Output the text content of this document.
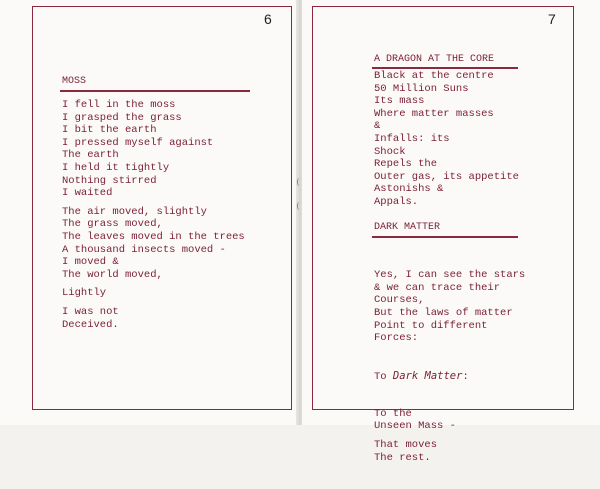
6
MOSS
I fell in the moss
I grasped the grass
I bit the earth
I pressed myself against
The earth
I held it tightly
Nothing stirred
I waited
The air moved, slightly
The grass moved,
The leaves moved in the trees
A thousand insects moved -
I moved &
The world moved,
Lightly
I was not
Deceived.
7
A DRAGON AT THE CORE
Black at the centre
50 Million Suns
Its mass
Where matter masses
&
Infalls: its
Shock
Repels the
Outer gas, its appetite
Astonishs &
Appals.
DARK MATTER

Yes, I can see the stars
& we can trace their
Courses,
But the laws of matter
Point to different
Forces:

To Dark Matter:

To the
Unseen Mass -
That moves
The rest.
